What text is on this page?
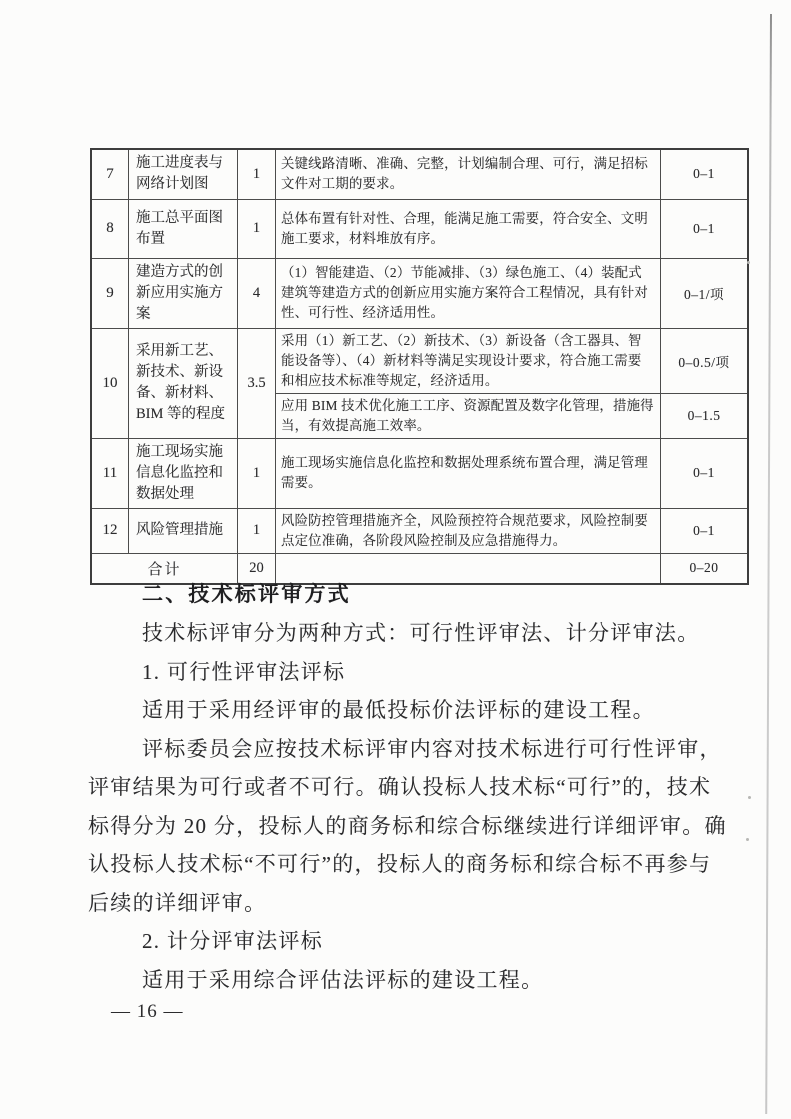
7	施工进度表与网络计划图	1	关键线路清晰、准确、完整，计划编制合理、可行，满足招标文件对工期的要求。	0–1
8	施工总平面图布置	1	总体布置有针对性、合理，能满足施工需要，符合安全、文明施工要求，材料堆放有序。	0–1
9	建造方式的创新应用实施方案	4	（1）智能建造、（2）节能减排、（3）绿色施工、（4）装配式建筑等建造方式的创新应用实施方案符合工程情况，具有针对性、可行性、经济适用性。	0–1/项
10	采用新工艺、新技术、新设备、新材料、BIM 等的程度	3.5	采用（1）新工艺、（2）新技术、（3）新设备（含工器具、智能设备等）、（4）新材料等满足实现设计要求，符合施工需要和相应技术标准等规定，经济适用。	0–0.5/项
			应用 BIM 技术优化施工工序、资源配置及数字化管理，措施得当，有效提高施工效率。	0–1.5
11	施工现场实施信息化监控和数据处理	1	施工现场实施信息化监控和数据处理系统布置合理，满足管理需要。	0–1
12	风险管理措施	1	风险防控管理措施齐全，风险预控符合规范要求，风险控制要点定位准确，各阶段风险控制及应急措施得力。	0–1
合计		20		0–20
二、技术标评审方式
技术标评审分为两种方式：可行性评审法、计分评审法。
1. 可行性评审法评标
适用于采用经评审的最低投标价法评标的建设工程。
评标委员会应按技术标评审内容对技术标进行可行性评审，
评审结果为可行或者不可行。确认投标人技术标“可行”的，技术
标得分为 20 分，投标人的商务标和综合标继续进行详细评审。确
认投标人技术标“不可行”的，投标人的商务标和综合标不再参与
后续的详细评审。
2. 计分评审法评标
适用于采用综合评估法评标的建设工程。
— 16 —
